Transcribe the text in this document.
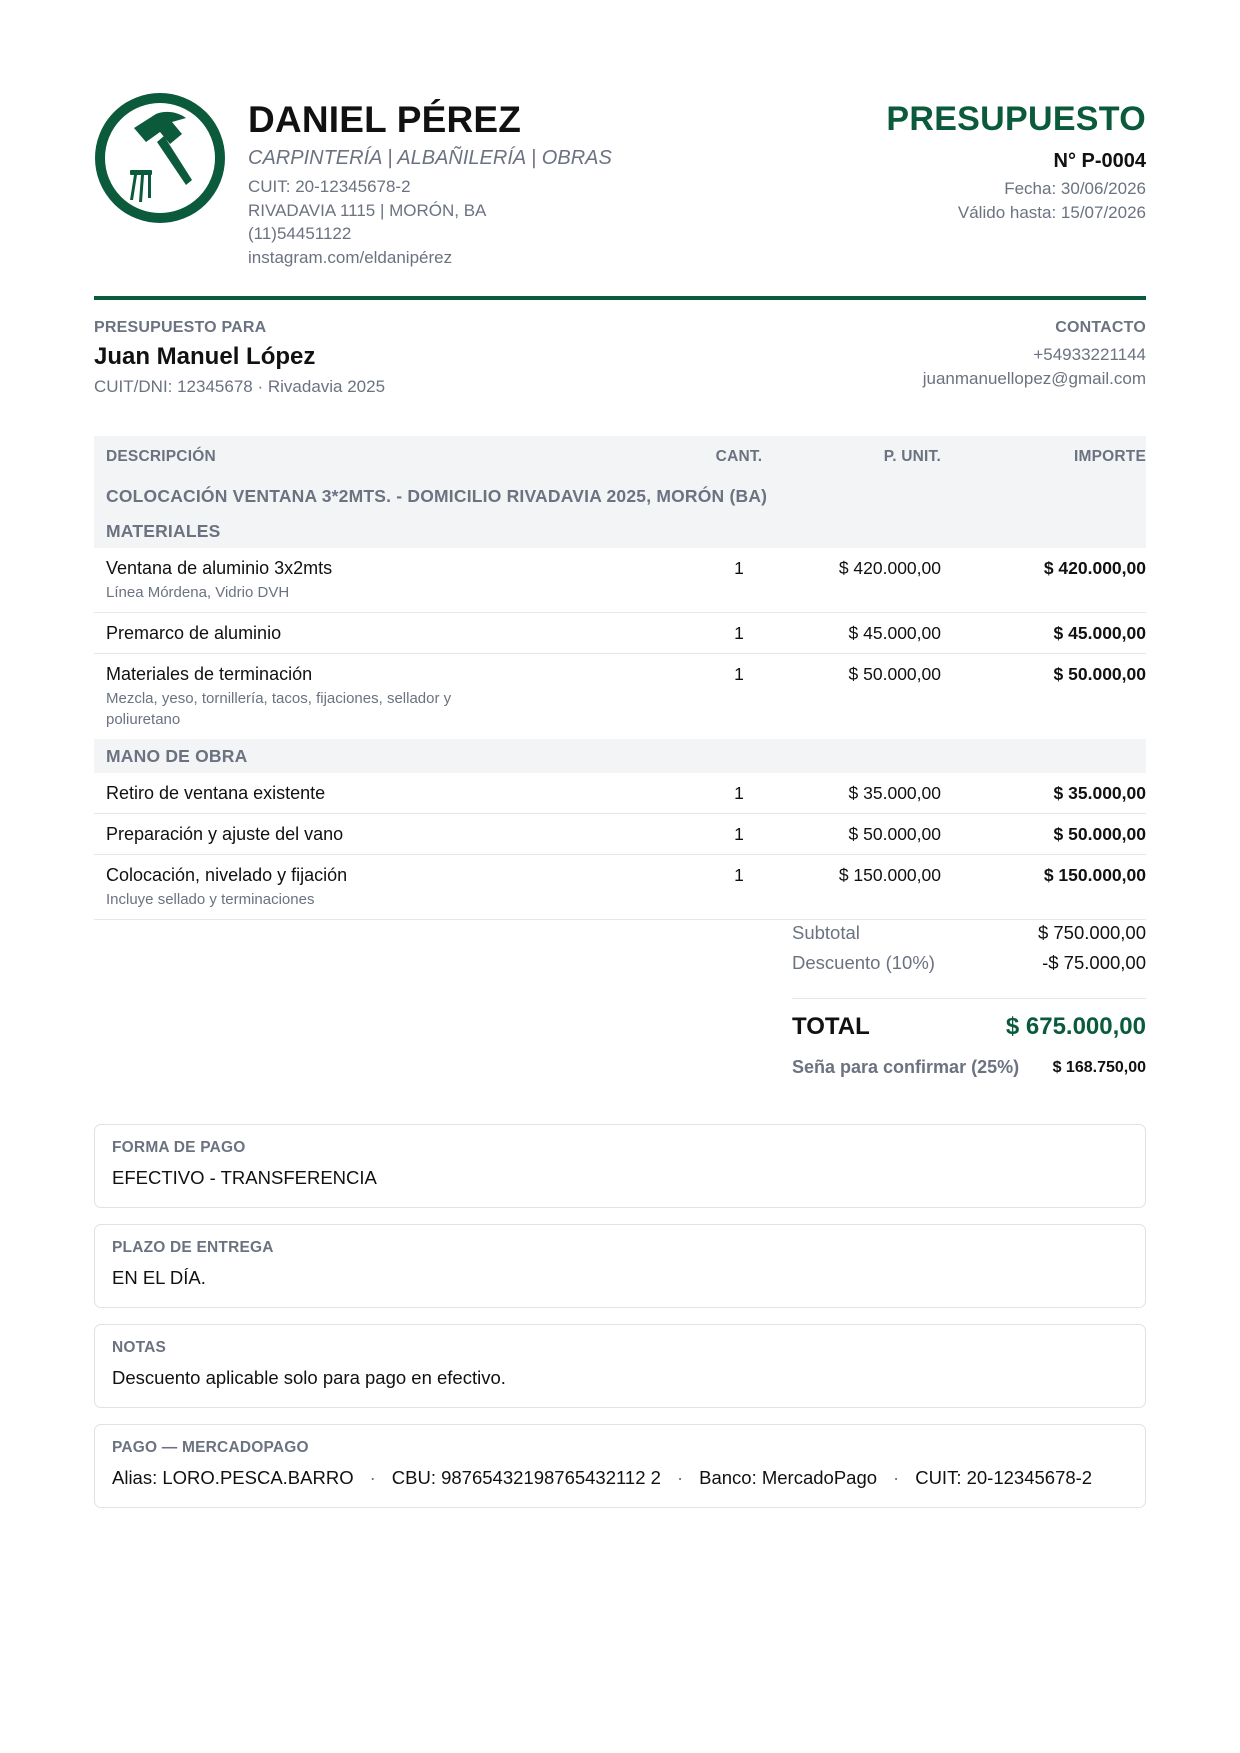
DANIEL PÉREZ
CARPINTERÍA | ALBAÑILERÍA | OBRAS
CUIT: 20-12345678-2
RIVADAVIA 1115 | MORÓN, BA
(11)54451122
instagram.com/eldanipérez
PRESUPUESTO
N° P-0004
Fecha: 30/06/2026
Válido hasta: 15/07/2026
PRESUPUESTO PARA
Juan Manuel López
CUIT/DNI: 12345678 · Rivadavia 2025
CONTACTO
+54933221144
juanmanuellopez@gmail.com
DESCRIPCIÓN	CANT.	P. UNIT.	IMPORTE
COLOCACIÓN VENTANA 3*2MTS. - DOMICILIO RIVADAVIA 2025, MORÓN (BA)
MATERIALES
Ventana de aluminio 3x2mts
Línea Mórdena, Vidrio DVH
1	$ 420.000,00	$ 420.000,00
Premarco de aluminio	1	$ 45.000,00	$ 45.000,00
Materiales de terminación
Mezcla, yeso, tornillería, tacos, fijaciones, sellador y poliuretano
1	$ 50.000,00	$ 50.000,00
MANO DE OBRA
Retiro de ventana existente	1	$ 35.000,00	$ 35.000,00
Preparación y ajuste del vano	1	$ 50.000,00	$ 50.000,00
Colocación, nivelado y fijación
Incluye sellado y terminaciones
1	$ 150.000,00	$ 150.000,00
Subtotal	$ 750.000,00
Descuento (10%)	-$ 75.000,00
TOTAL	$ 675.000,00
Seña para confirmar (25%) $ 168.750,00
FORMA DE PAGO
EFECTIVO - TRANSFERENCIA
PLAZO DE ENTREGA
EN EL DÍA.
NOTAS
Descuento aplicable solo para pago en efectivo.
PAGO — MERCADOPAGO
Alias: LORO.PESCA.BARRO · CBU: 98765432198765432112 2 · Banco: MercadoPago · CUIT: 20-12345678-2
